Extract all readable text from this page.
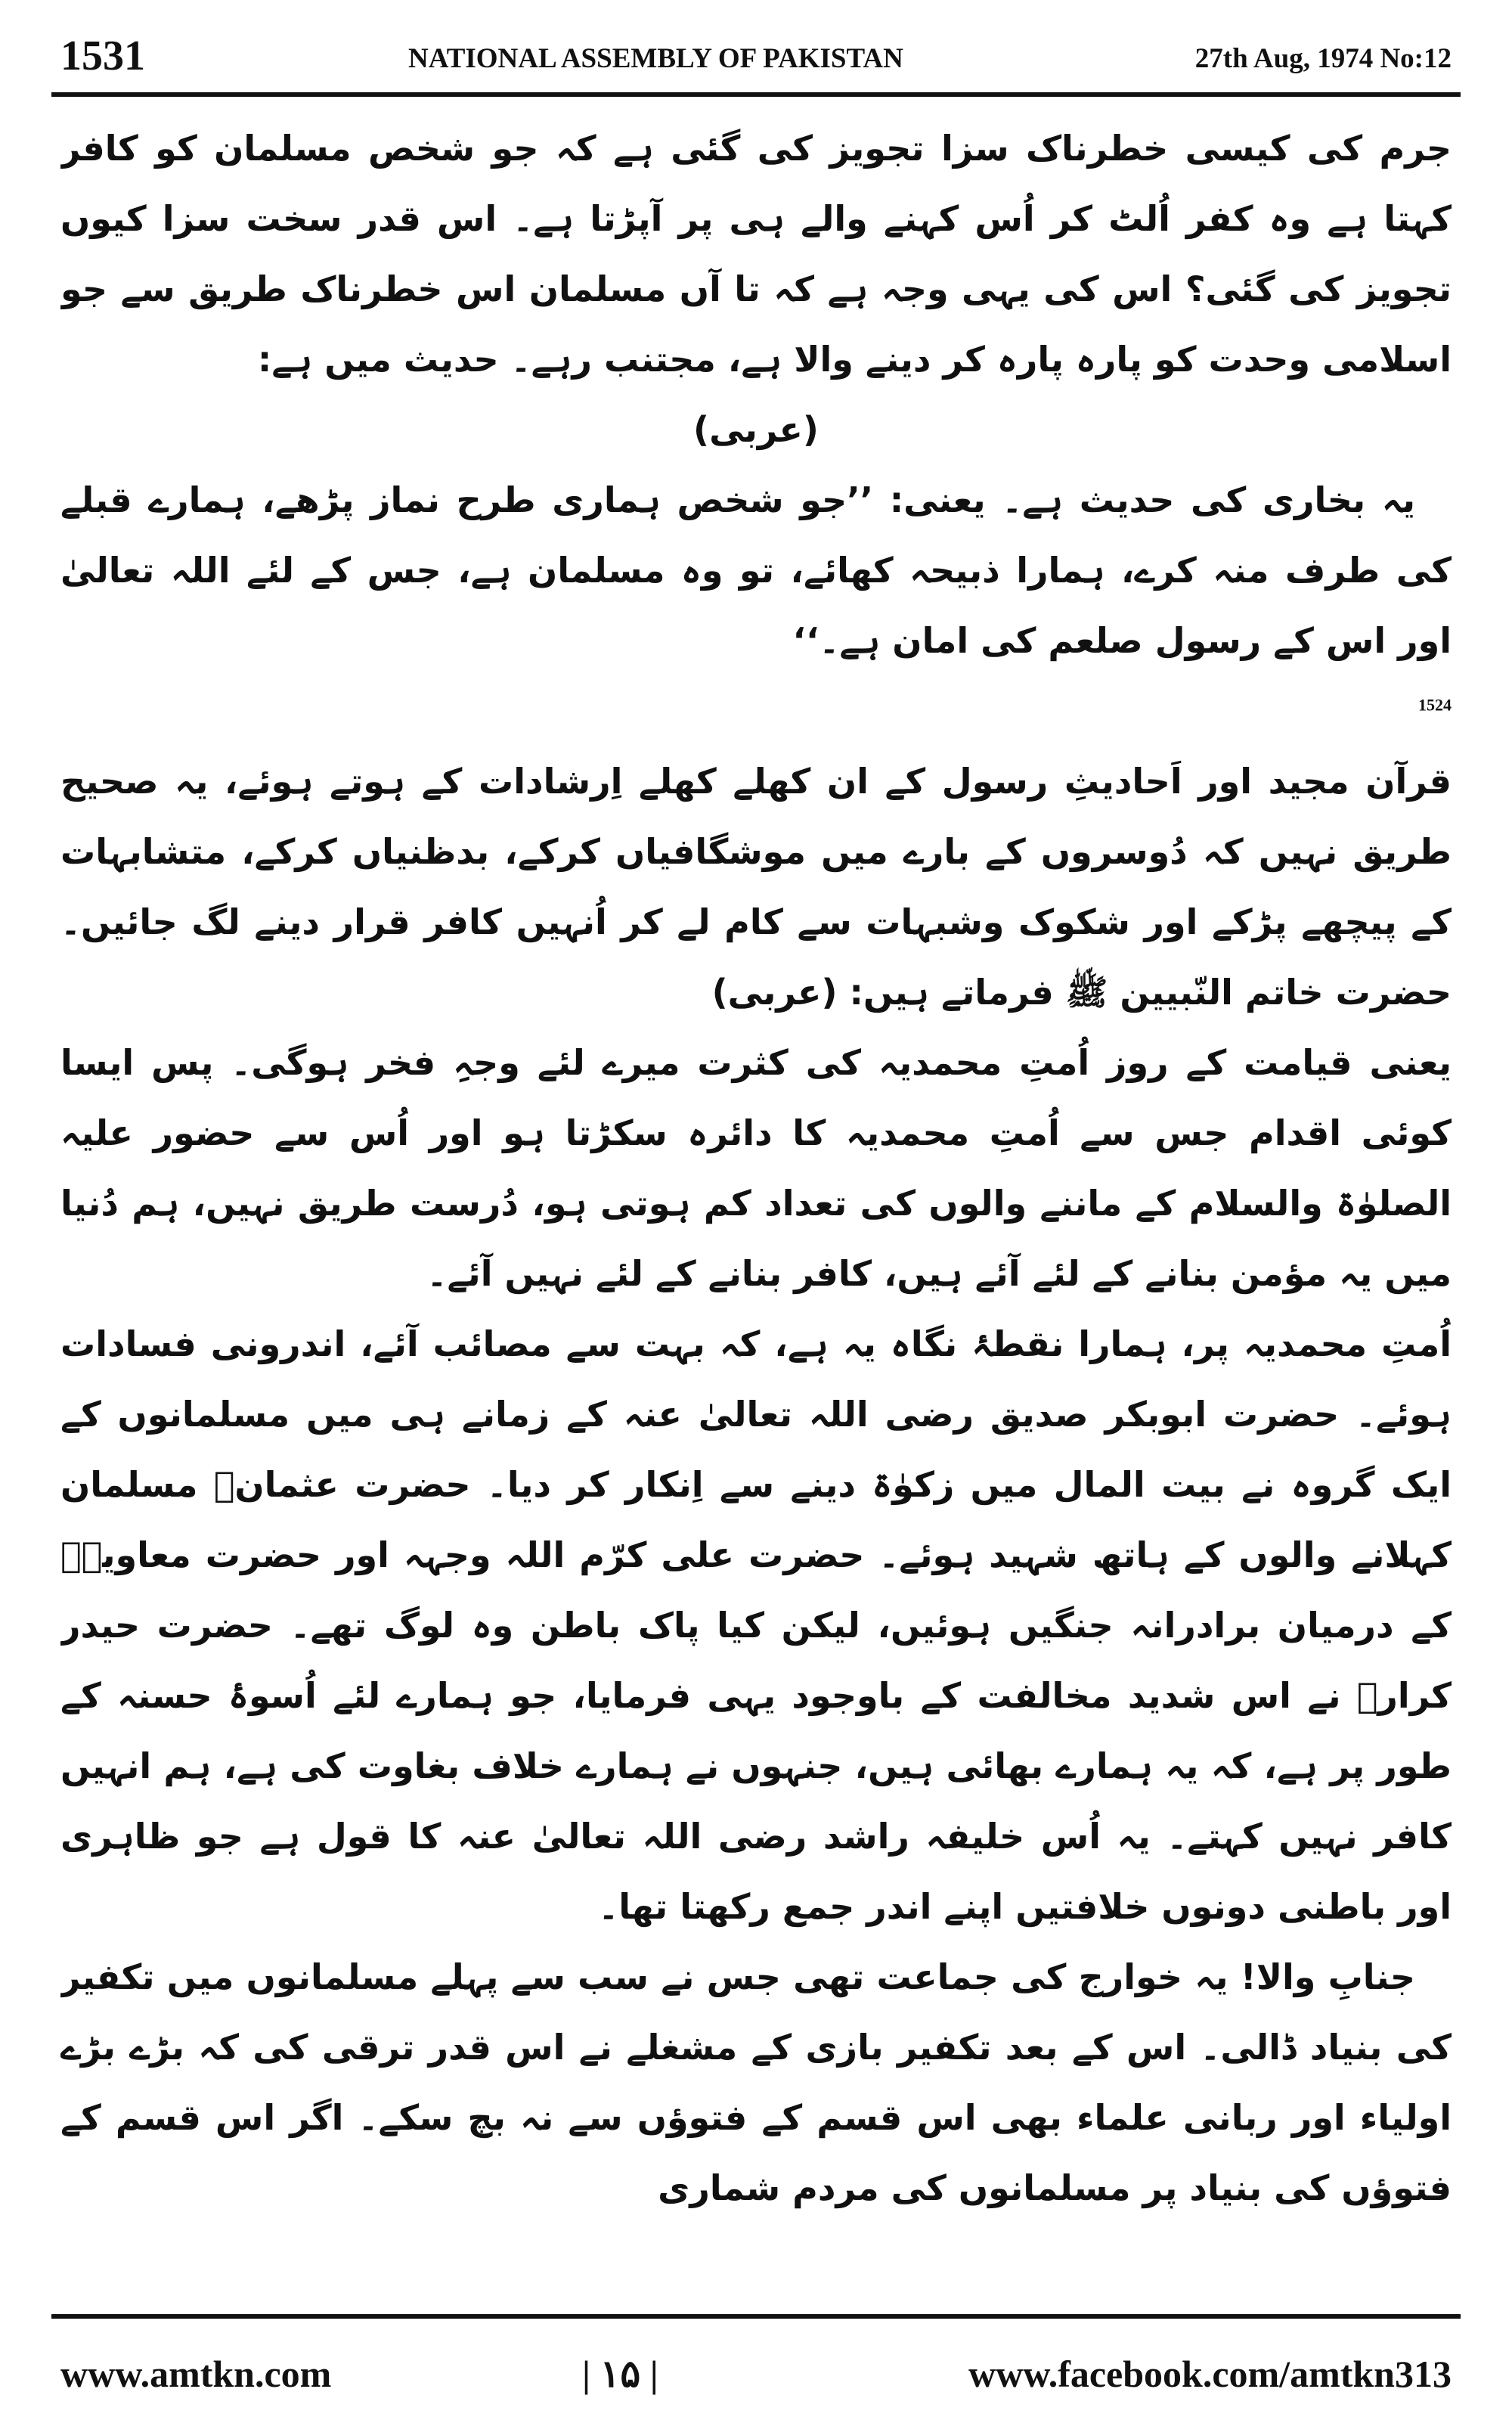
1531	NATIONAL ASSEMBLY OF PAKISTAN	27th Aug, 1974 No:12

جرم کی کیسی خطرناک سزا تجویز کی گئی ہے کہ جو شخص مسلمان کو کافر کہتا ہے وہ کفر اُلٹ کر اُس کہنے والے ہی پر آپڑتا ہے۔ اس قدر سخت سزا کیوں تجویز کی گئی؟ اس کی یہی وجہ ہے کہ تا آں مسلمان اس خطرناک طریق سے جو اسلامی وحدت کو پارہ پارہ کر دینے والا ہے، مجتنب رہے۔ حدیث میں ہے:

(عربی)

یہ بخاری کی حدیث ہے۔ یعنی: ’’جو شخص ہماری طرح نماز پڑھے، ہمارے قبلے کی طرف منہ کرے، ہمارا ذبیحہ کھائے، تو وہ مسلمان ہے، جس کے لئے اللہ تعالیٰ اور اس کے رسول صلعم کی امان ہے۔‘‘

$^{1524}$

قرآن مجید اور اَحادیثِ رسول کے ان کھلے کھلے اِرشادات کے ہوتے ہوئے، یہ صحیح طریق نہیں کہ دُوسروں کے بارے میں موشگافیاں کرکے، بدظنیاں کرکے، متشابہات کے پیچھے پڑکے اور شکوک وشبہات سے کام لے کر اُنہیں کافر قرار دینے لگ جائیں۔ حضرت خاتم النّبیین ﷺ فرماتے ہیں: (عربی)

یعنی قیامت کے روز اُمتِ محمدیہ کی کثرت میرے لئے وجہِ فخر ہوگی۔ پس ایسا کوئی اقدام جس سے اُمتِ محمدیہ کا دائرہ سکڑتا ہو اور اُس سے حضور علیہ الصلوٰۃ والسلام کے ماننے والوں کی تعداد کم ہوتی ہو، دُرست طریق نہیں، ہم دُنیا میں یہ مؤمن بنانے کے لئے آئے ہیں، کافر بنانے کے لئے نہیں آئے۔

اُمتِ محمدیہ پر، ہمارا نقطۂ نگاہ یہ ہے، کہ بہت سے مصائب آئے، اندرونی فسادات ہوئے۔ حضرت ابوبکر صدیق رضی اللہ تعالیٰ عنہ کے زمانے ہی میں مسلمانوں کے ایک گروہ نے بیت المال میں زکوٰۃ دینے سے اِنکار کر دیا۔ حضرت عثمانؓ مسلمان کہلانے والوں کے ہاتھ شہید ہوئے۔ حضرت علی کرّم اللہ وجہہ اور حضرت معاویہؓ کے درمیان برادرانہ جنگیں ہوئیں، لیکن کیا پاک باطن وہ لوگ تھے۔ حضرت حیدر کرارؓ نے اس شدید مخالفت کے باوجود یہی فرمایا، جو ہمارے لئے اُسوۂ حسنہ کے طور پر ہے، کہ یہ ہمارے بھائی ہیں، جنہوں نے ہمارے خلاف بغاوت کی ہے، ہم انہیں کافر نہیں کہتے۔ یہ اُس خلیفہ راشد رضی اللہ تعالیٰ عنہ کا قول ہے جو ظاہری اور باطنی دونوں خلافتیں اپنے اندر جمع رکھتا تھا۔

جنابِ والا! یہ خوارج کی جماعت تھی جس نے سب سے پہلے مسلمانوں میں تکفیر کی بنیاد ڈالی۔ اس کے بعد تکفیر بازی کے مشغلے نے اس قدر ترقی کی کہ بڑے بڑے اولیاء اور ربانی علماء بھی اس قسم کے فتوؤں سے نہ بچ سکے۔ اگر اس قسم کے فتوؤں کی بنیاد پر مسلمانوں کی مردم شماری

www.amtkn.com	| ۱۵ |	www.facebook.com/amtkn313
